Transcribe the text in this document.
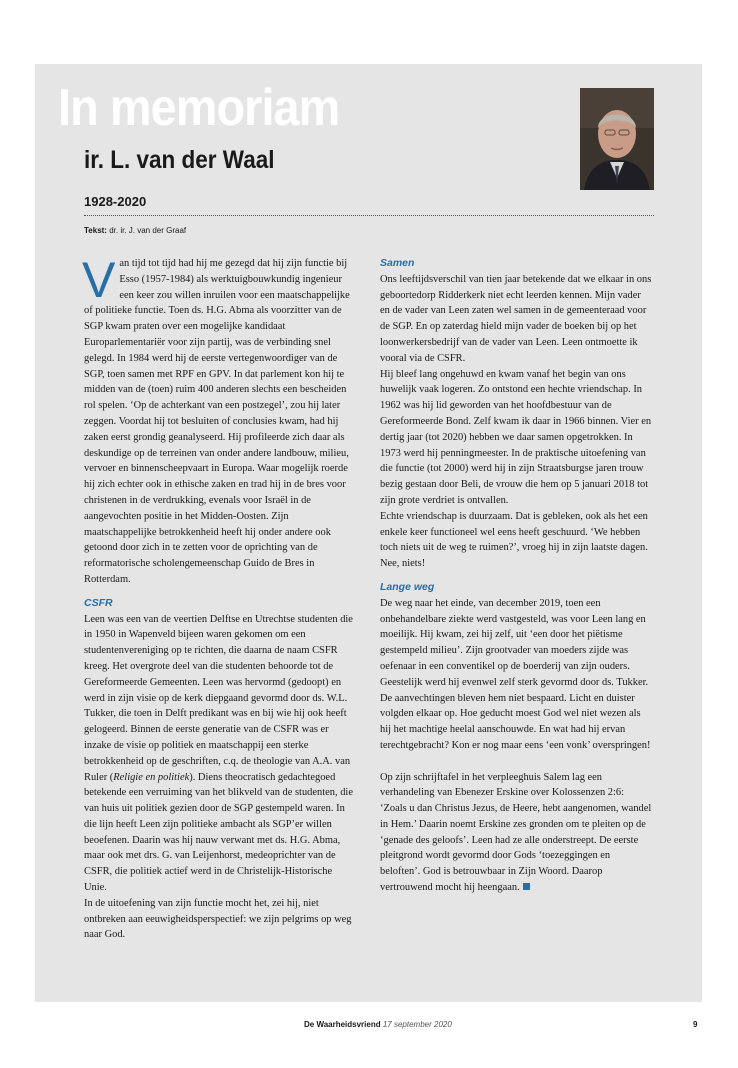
In memoriam
ir. L. van der Waal
1928-2020
Tekst: dr. ir. J. van der Graaf

Van tijd tot tijd had hij me gezegd dat hij zijn functie bij Esso (1957-1984) als werktuigbouwkundig ingenieur een keer zou willen inruilen voor een maatschappelijke of politieke functie. Toen ds. H.G. Abma als voorzitter van de SGP kwam praten over een mogelijke kandidaat Europarlementariër voor zijn partij, was de verbinding snel gelegd. In 1984 werd hij de eerste vertegenwoordiger van de SGP, toen samen met RPF en GPV. In dat parlement kon hij te midden van de (toen) ruim 400 anderen slechts een bescheiden rol spelen. ‘Op de achterkant van een postzegel’, zou hij later zeggen. Voordat hij tot besluiten of conclusies kwam, had hij zaken eerst grondig geanalyseerd. Hij profileerde zich daar als deskundige op de terreinen van onder andere landbouw, milieu, vervoer en binnenscheepvaart in Europa. Waar mogelijk roerde hij zich echter ook in ethische zaken en trad hij in de bres voor christenen in de verdrukking, evenals voor Israël in de aangevochten positie in het Midden-Oosten. Zijn maatschappelijke betrokkenheid heeft hij onder andere ook getoond door zich in te zetten voor de oprichting van de reformatorische scholengemeenschap Guido de Bres in Rotterdam.

CSFR

Leen was een van de veertien Delftse en Utrechtse studenten die in 1950 in Wapenveld bijeen waren gekomen om een studentenvereniging op te richten, die daarna de naam CSFR kreeg. Het overgrote deel van die studenten behoorde tot de Gereformeerde Gemeenten. Leen was hervormd (gedoopt) en werd in zijn visie op de kerk diepgaand gevormd door ds. W.L. Tukker, die toen in Delft predikant was en bij wie hij ook heeft gelogeerd. Binnen de eerste generatie van de CSFR was er inzake de visie op politiek en maatschappij een sterke betrokkenheid op de geschriften, c.q. de theologie van A.A. van Ruler (Religie en politiek). Diens theocratisch gedachtegoed betekende een verruiming van het blikveld van de studenten, die van huis uit politiek gezien door de SGP gestempeld waren. In die lijn heeft Leen zijn politieke ambacht als SGP’er willen beoefenen. Daarin was hij nauw verwant met ds. H.G. Abma, maar ook met drs. G. van Leijenhorst, medeoprichter van de CSFR, die politiek actief werd in de Christelijk-Historische Unie.

In de uitoefening van zijn functie mocht het, zei hij, niet ontbreken aan eeuwigheidsperspectief: we zijn pelgrims op weg naar God.

Samen

Ons leeftijdsverschil van tien jaar betekende dat we elkaar in ons geboortedorp Ridderkerk niet echt leerden kennen. Mijn vader en de vader van Leen zaten wel samen in de gemeenteraad voor de SGP. En op zaterdag hield mijn vader de boeken bij op het loonwerkersbedrijf van de vader van Leen. Leen ontmoette ik vooral via de CSFR.

Hij bleef lang ongehuwd en kwam vanaf het begin van ons huwelijk vaak logeren. Zo ontstond een hechte vriendschap. In 1962 was hij lid geworden van het hoofdbestuur van de Gereformeerde Bond. Zelf kwam ik daar in 1966 binnen. Vier en dertig jaar (tot 2020) hebben we daar samen opgetrokken. In 1973 werd hij penningmeester. In de praktische uitoefening van die functie (tot 2000) werd hij in zijn Straatsburgse jaren trouw bezig gestaan door Beli, de vrouw die hem op 5 januari 2018 tot zijn grote verdriet is ontvallen.

Echte vriendschap is duurzaam. Dat is gebleken, ook als het een enkele keer functioneel wel eens heeft geschuurd. ‘We hebben toch niets uit de weg te ruimen?’, vroeg hij in zijn laatste dagen. Nee, niets!

Lange weg

De weg naar het einde, van december 2019, toen een onbehandelbare ziekte werd vastgesteld, was voor Leen lang en moeilijk. Hij kwam, zei hij zelf, uit ‘een door het piëtisme gestempeld milieu’. Zijn grootvader van moeders zijde was oefenaar in een conventikel op de boerderij van zijn ouders. Geestelijk werd hij evenwel zelf sterk gevormd door ds. Tukker. De aanvechtingen bleven hem niet bespaard. Licht en duister volgden elkaar op. Hoe geducht moest God wel niet wezen als hij het machtige heelal aanschouwde. En wat had hij ervan terechtgebracht? Kon er nog maar eens ‘een vonk’ overspringen!

Op zijn schrijftafel in het verpleeghuis Salem lag een verhandeling van Ebenezer Erskine over Kolossenzen 2:6: ‘Zoals u dan Christus Jezus, de Heere, hebt aangenomen, wandel in Hem.’ Daarin noemt Erskine zes gronden om te pleiten op de ‘genade des geloofs’. Leen had ze alle onderstreept. De eerste pleitgrond wordt gevormd door Gods ‘toezeggingen en beloften’. God is betrouwbaar in Zijn Woord. Daarop vertrouwend mocht hij heengaan.

De Waarheidsvriend 17 september 2020	9
